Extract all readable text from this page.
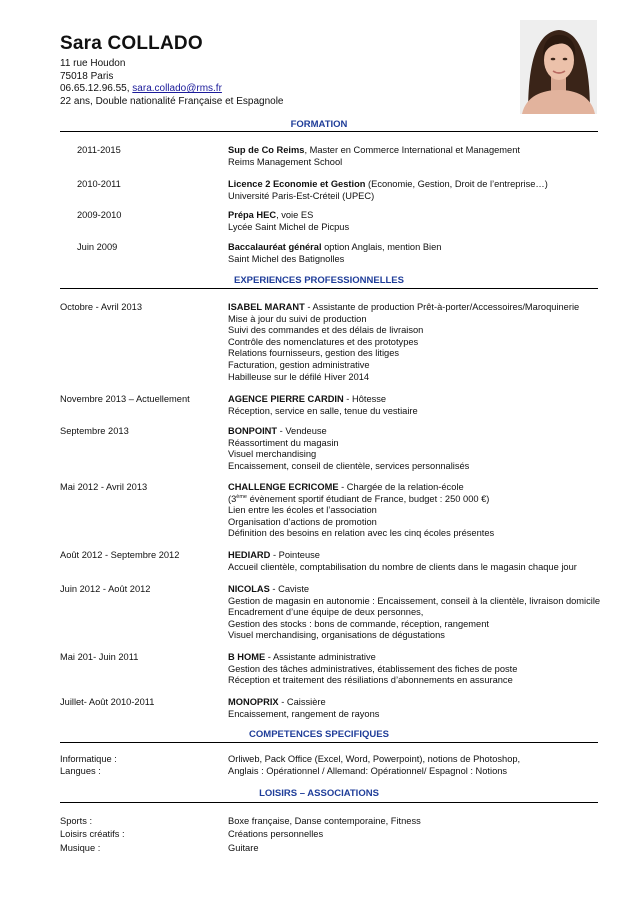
Sara COLLADO
11 rue Houdon
75018 Paris
06.65.12.96.55, sara.collado@rms.fr
22 ans, Double nationalité Française et Espagnole
FORMATION
2011-2015	Sup de Co Reims, Master en Commerce International et Management
Reims Management School
2010-2011	Licence 2 Economie et Gestion (Economie, Gestion, Droit de l’entreprise…)
Université Paris-Est-Créteil (UPEC)
2009-2010	Prépa HEC, voie ES
Lycée Saint Michel de Picpus
Juin 2009	Baccalauréat général option Anglais, mention Bien
Saint Michel des Batignolles
EXPERIENCES PROFESSIONNELLES
Octobre - Avril 2013	ISABEL MARANT - Assistante de production Prêt-à-porter/Accessoires/Maroquinerie
Mise à jour du suivi de production
Suivi des commandes et des délais de livraison
Contrôle des nomenclatures et des prototypes
Relations fournisseurs, gestion des litiges
Facturation, gestion administrative
Habilleuse sur le défilé Hiver 2014
Novembre 2013 – Actuellement	AGENCE PIERRE CARDIN - Hôtesse
Réception, service en salle, tenue du vestiaire
Septembre 2013	BONPOINT - Vendeuse
Réassortiment du magasin
Visuel merchandising
Encaissement, conseil de clientèle, services personnalisés
Mai 2012 - Avril 2013	CHALLENGE ECRICOME - Chargée de la relation-école
(3ème évènement sportif étudiant de France, budget : 250 000 €)
Lien entre les écoles et l’association
Organisation d’actions de promotion
Définition des besoins en relation avec les cinq écoles présentes
Août 2012 - Septembre 2012	HEDIARD - Pointeuse
Accueil clientèle, comptabilisation du nombre de clients dans le magasin chaque jour
Juin 2012 - Août 2012	NICOLAS - Caviste
Gestion de magasin en autonomie : Encaissement, conseil à la clientèle, livraison domicile
Encadrement d’une équipe de deux personnes,
Gestion des stocks : bons de commande, réception, rangement
Visuel merchandising, organisations de dégustations
Mai 201- Juin 2011	B HOME - Assistante administrative
Gestion des tâches administratives, établissement des fiches de poste
Réception et traitement des résiliations d’abonnements en assurance
Juillet- Août 2010-2011	MONOPRIX - Caissière
Encaissement, rangement de rayons
COMPETENCES SPECIFIQUES
Informatique :	Orliweb, Pack Office (Excel, Word, Powerpoint), notions de Photoshop,
Langues :	Anglais : Opérationnel / Allemand: Opérationnel/ Espagnol : Notions
LOISIRS – ASSOCIATIONS
Sports :	Boxe française, Danse contemporaine, Fitness
Loisirs créatifs :	Créations personnelles
Musique :	Guitare
